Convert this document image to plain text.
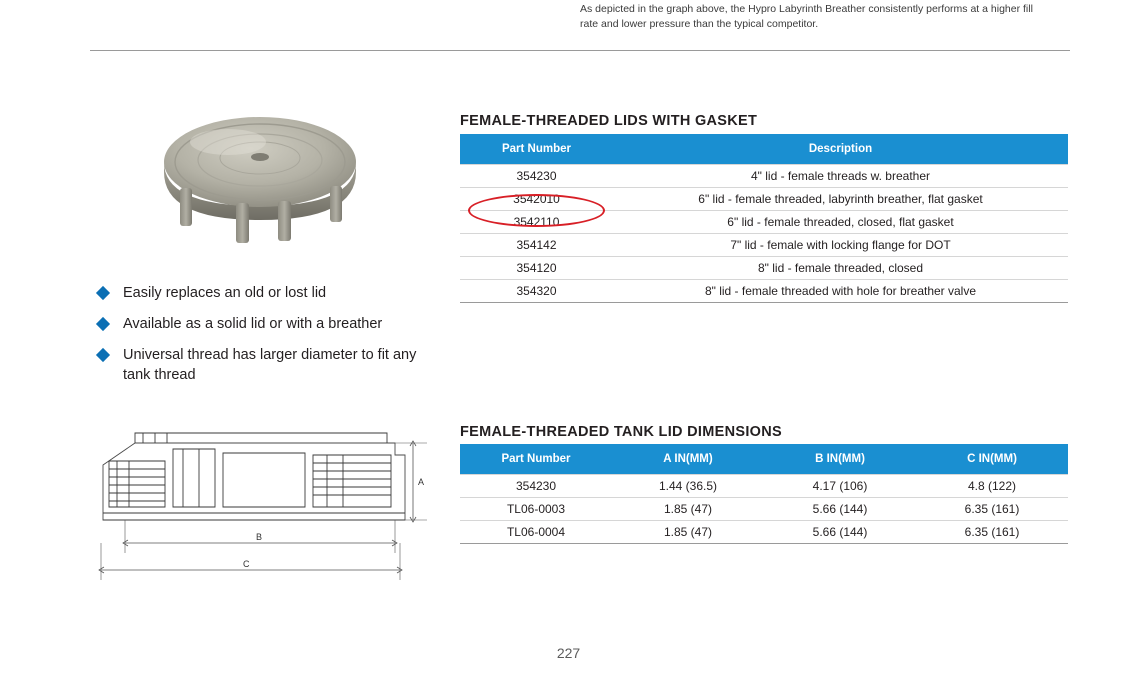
As depicted in the graph above, the Hypro Labyrinth Breather consistently performs at a higher fill rate and lower pressure than the typical competitor.
Easily replaces an old or lost lid
Available as a solid lid or with a breather
Universal thread has larger diameter to fit any tank thread
A
B
C
FEMALE-THREADED LIDS WITH GASKET
Part Number	Description
354230	4" lid - female threads w. breather
3542010	6" lid - female threaded, labyrinth breather, flat gasket
3542110	6" lid - female threaded, closed, flat gasket
354142	7" lid - female with locking flange for DOT
354120	8" lid - female threaded, closed
354320	8" lid - female threaded with hole for breather valve
FEMALE-THREADED TANK LID DIMENSIONS
Part Number	A IN(MM)	B IN(MM)	C IN(MM)
354230	1.44 (36.5)	4.17 (106)	4.8 (122)
TL06-0003	1.85 (47)	5.66 (144)	6.35 (161)
TL06-0004	1.85 (47)	5.66 (144)	6.35 (161)
227
